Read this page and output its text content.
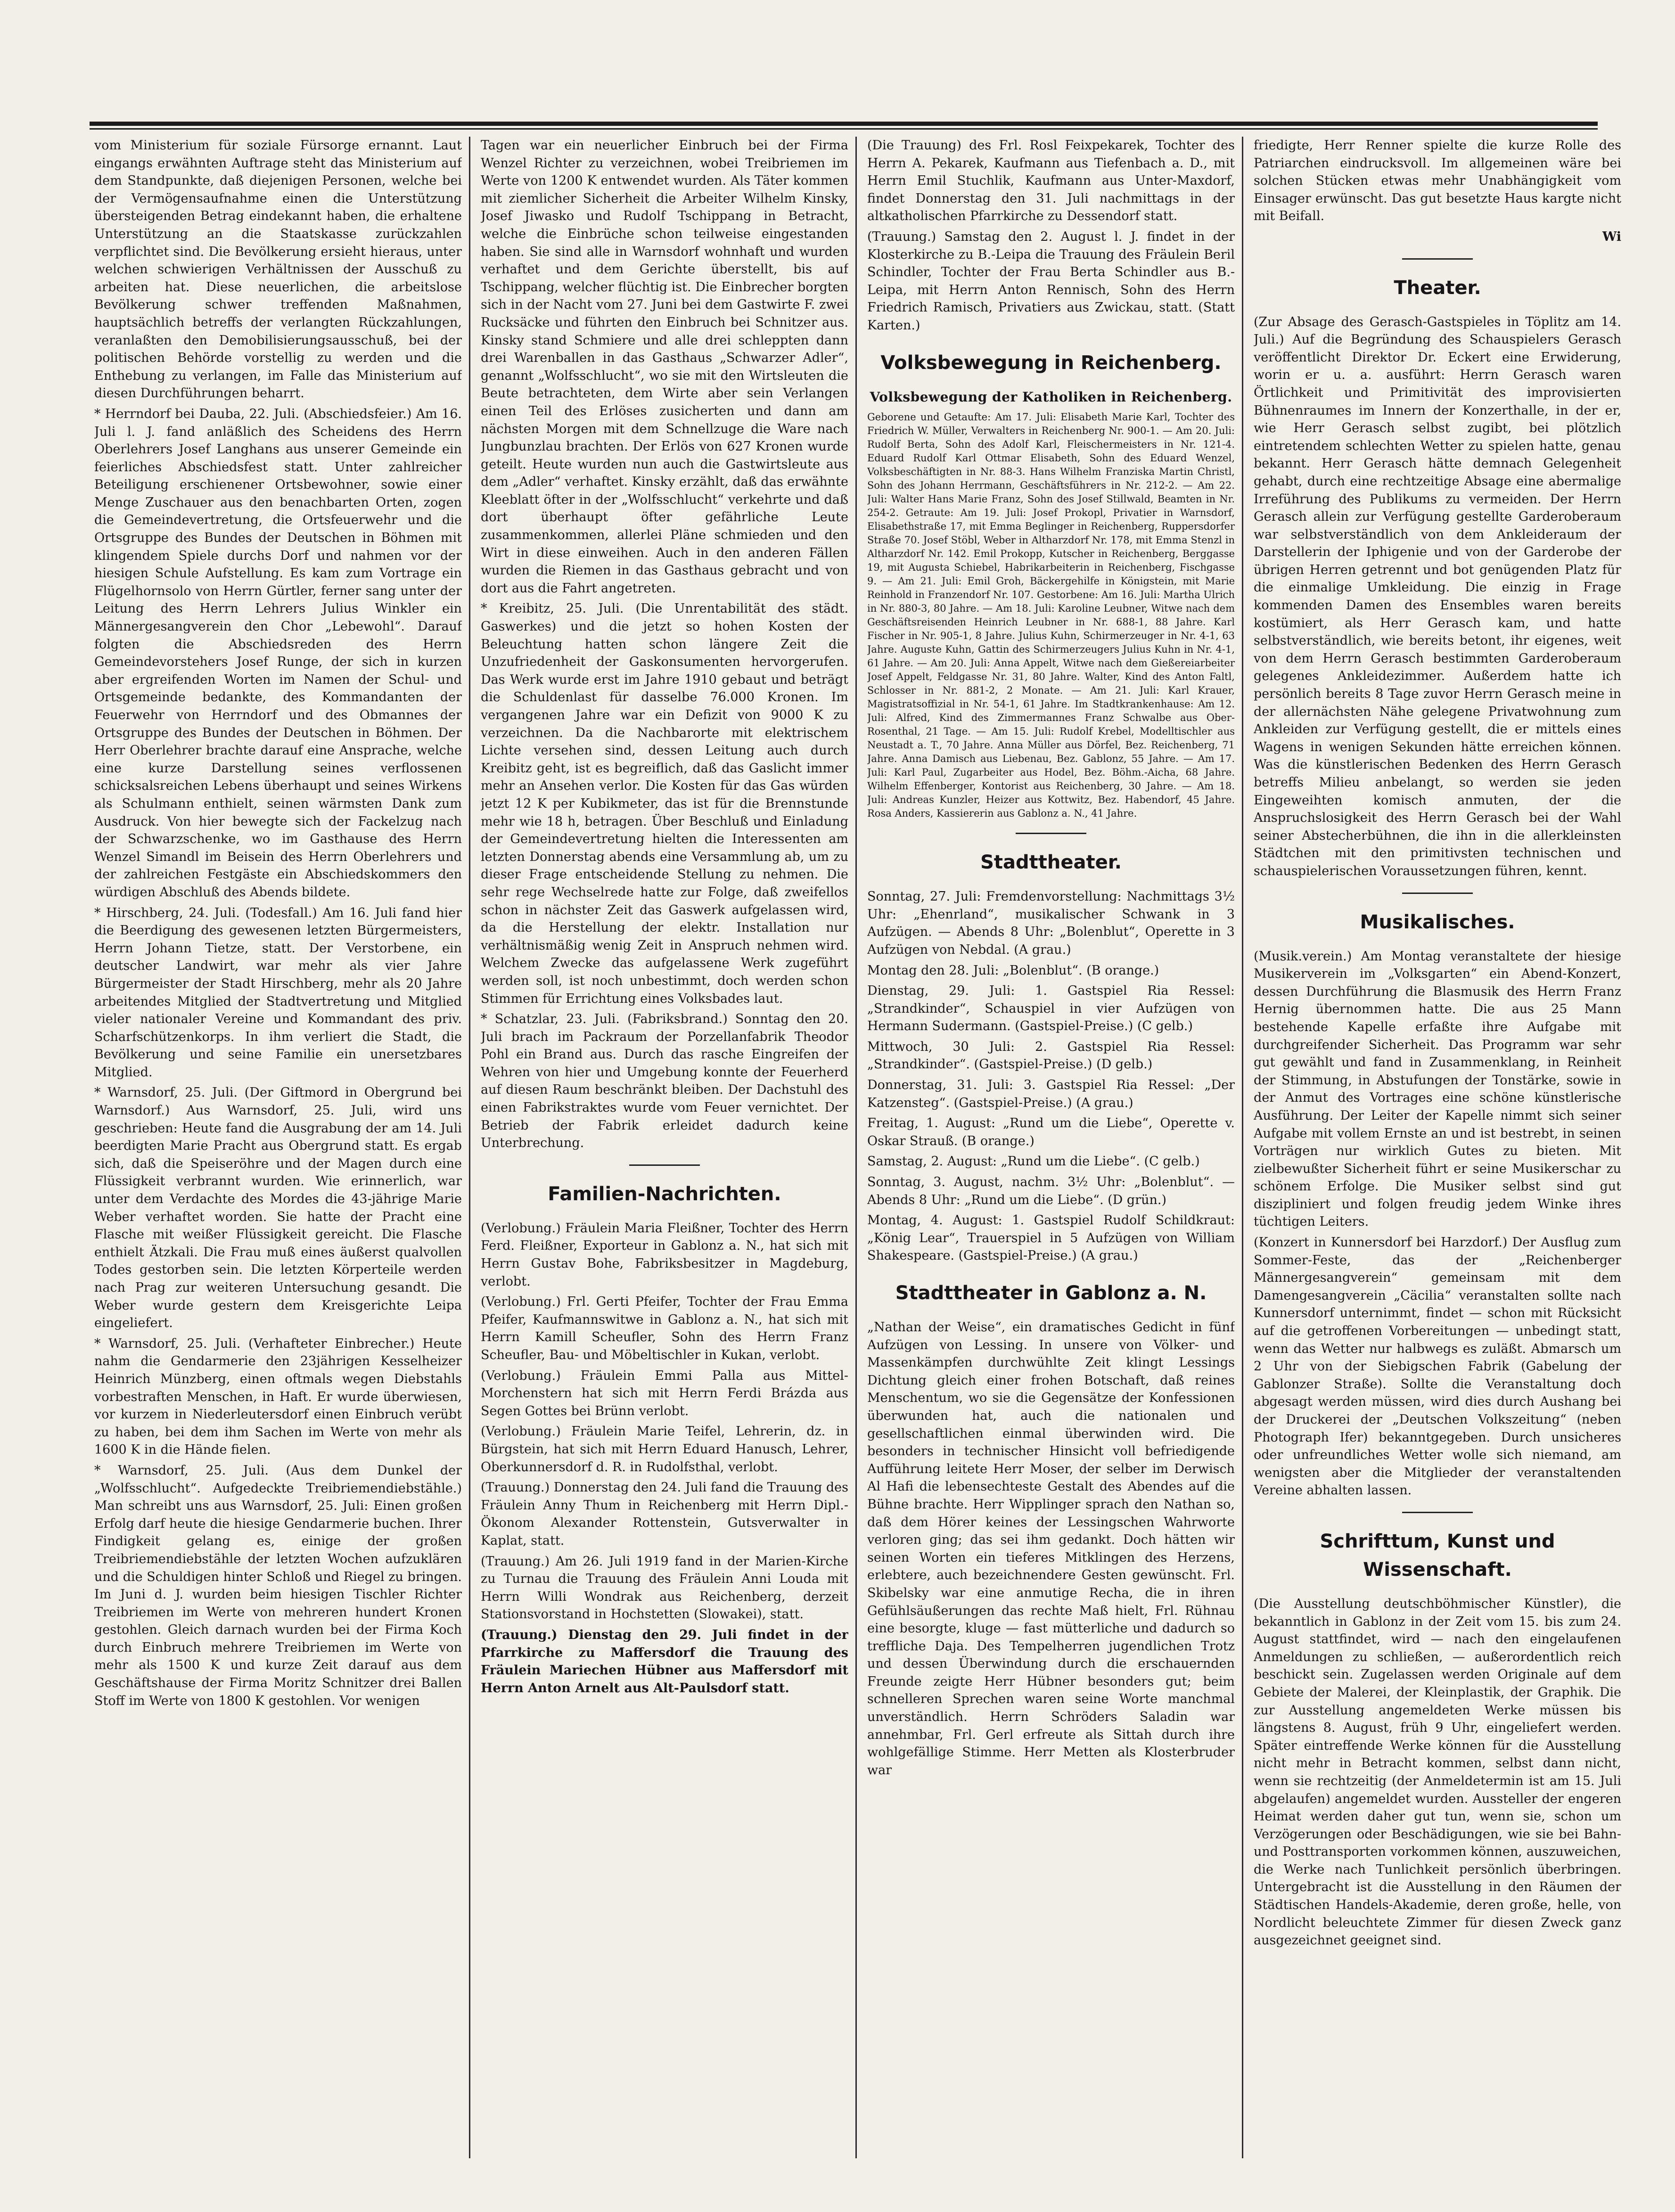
vom Ministerium für soziale Fürsorge ernannt. Laut eingangs erwähnten Auftrage steht das Ministerium auf dem Standpunkte, daß diejenigen Personen, welche bei der Vermögensaufnahme einen die Unterstützung übersteigenden Betrag eindekannt haben, die erhaltene Unterstützung an die Staatskasse zurückzahlen verpflichtet sind. Die Bevölkerung ersieht hieraus, unter welchen schwierigen Verhältnissen der Ausschuß zu arbeiten hat. Diese neuerlichen, die arbeitslose Bevölkerung schwer treffenden Maßnahmen, hauptsächlich betreffs der verlangten Rückzahlungen, veranlaßten den Demobilisierungsausschuß, bei der politischen Behörde vorstellig zu werden und die Enthebung zu verlangen, im Falle das Ministerium auf diesen Durchführungen beharrt.

* Herrndorf bei Dauba, 22. Juli. (Abschiedsfeier.) Am 16. Juli l. J. fand anläßlich des Scheidens des Herrn Oberlehrers Josef Langhans aus unserer Gemeinde ein feierliches Abschiedsfest statt. Unter zahlreicher Beteiligung erschienener Ortsbewohner, sowie einer Menge Zuschauer aus den benachbarten Orten, zogen die Gemeindevertretung, die Ortsfeuerwehr und die Ortsgruppe des Bundes der Deutschen in Böhmen mit klingendem Spiele durchs Dorf und nahmen vor der hiesigen Schule Aufstellung. Es kam zum Vortrage ein Flügelhornsolo von Herrn Gürtler, ferner sang unter der Leitung des Herrn Lehrers Julius Winkler ein Männergesangverein den Chor „Lebewohl“. Darauf folgten die Abschiedsreden des Herrn Gemeindevorstehers Josef Runge, der sich in kurzen aber ergreifenden Worten im Namen der Schul- und Ortsgemeinde bedankte, des Kommandanten der Feuerwehr von Herrndorf und des Obmannes der Ortsgruppe des Bundes der Deutschen in Böhmen. Der Herr Oberlehrer brachte darauf eine Ansprache, welche eine kurze Darstellung seines verflossenen schicksalsreichen Lebens überhaupt und seines Wirkens als Schulmann enthielt, seinen wärmsten Dank zum Ausdruck. Von hier bewegte sich der Fackelzug nach der Schwarzschenke, wo im Gasthause des Herrn Wenzel Simandl im Beisein des Herrn Oberlehrers und der zahlreichen Festgäste ein Abschiedskommers den würdigen Abschluß des Abends bildete.

* Hirschberg, 24. Juli. (Todesfall.) Am 16. Juli fand hier die Beerdigung des gewesenen letzten Bürgermeisters, Herrn Johann Tietze, statt. Der Verstorbene, ein deutscher Landwirt, war mehr als vier Jahre Bürgermeister der Stadt Hirschberg, mehr als 20 Jahre arbeitendes Mitglied der Stadtvertretung und Mitglied vieler nationaler Vereine und Kommandant des priv. Scharfschützenkorps. In ihm verliert die Stadt, die Bevölkerung und seine Familie ein unersetzbares Mitglied.

* Warnsdorf, 25. Juli. (Der Giftmord in Obergrund bei Warnsdorf.) Aus Warnsdorf, 25. Juli, wird uns geschrieben: Heute fand die Ausgrabung der am 14. Juli beerdigten Marie Pracht aus Obergrund statt. Es ergab sich, daß die Speiseröhre und der Magen durch eine Flüssigkeit verbrannt wurden. Wie erinnerlich, war unter dem Verdachte des Mordes die 43-jährige Marie Weber verhaftet worden. Sie hatte der Pracht eine Flasche mit weißer Flüssigkeit gereicht. Die Flasche enthielt Ätzkali. Die Frau muß eines äußerst qualvollen Todes gestorben sein. Die letzten Körperteile werden nach Prag zur weiteren Untersuchung gesandt. Die Weber wurde gestern dem Kreisgerichte Leipa eingeliefert.

* Warnsdorf, 25. Juli. (Verhafteter Einbrecher.) Heute nahm die Gendarmerie den 23jährigen Kesselheizer Heinrich Münzberg, einen oftmals wegen Diebstahls vorbestraften Menschen, in Haft. Er wurde überwiesen, vor kurzem in Niederleutersdorf einen Einbruch verübt zu haben, bei dem ihm Sachen im Werte von mehr als 1600 K in die Hände fielen.

* Warnsdorf, 25. Juli. (Aus dem Dunkel der „Wolfsschlucht“. Aufgedeckte Treibriemendiebstähle.) Man schreibt uns aus Warnsdorf, 25. Juli: Einen großen Erfolg darf heute die hiesige Gendarmerie buchen. Ihrer Findigkeit gelang es, einige der großen Treibriemendiebstähle der letzten Wochen aufzuklären und die Schuldigen hinter Schloß und Riegel zu bringen. Im Juni d. J. wurden beim hiesigen Tischler Richter Treibriemen im Werte von mehreren hundert Kronen gestohlen. Gleich darnach wurden bei der Firma Koch durch Einbruch mehrere Treibriemen im Werte von mehr als 1500 K und kurze Zeit darauf aus dem Geschäftshause der Firma Moritz Schnitzer drei Ballen Stoff im Werte von 1800 K gestohlen. Vor wenigen

Tagen war ein neuerlicher Einbruch bei der Firma Wenzel Richter zu verzeichnen, wobei Treibriemen im Werte von 1200 K entwendet wurden. Als Täter kommen mit ziemlicher Sicherheit die Arbeiter Wilhelm Kinsky, Josef Jiwasko und Rudolf Tschippang in Betracht, welche die Einbrüche schon teilweise eingestanden haben. Sie sind alle in Warnsdorf wohnhaft und wurden verhaftet und dem Gerichte überstellt, bis auf Tschippang, welcher flüchtig ist. Die Einbrecher borgten sich in der Nacht vom 27. Juni bei dem Gastwirte F. zwei Rucksäcke und führten den Einbruch bei Schnitzer aus. Kinsky stand Schmiere und alle drei schleppten dann drei Warenballen in das Gasthaus „Schwarzer Adler“, genannt „Wolfsschlucht“, wo sie mit den Wirtsleuten die Beute betrachteten, dem Wirte aber sein Verlangen einen Teil des Erlöses zusicherten und dann am nächsten Morgen mit dem Schnellzuge die Ware nach Jungbunzlau brachten. Der Erlös von 627 Kronen wurde geteilt. Heute wurden nun auch die Gastwirtsleute aus dem „Adler“ verhaftet. Kinsky erzählt, daß das erwähnte Kleeblatt öfter in der „Wolfsschlucht“ verkehrte und daß dort überhaupt öfter gefährliche Leute zusammenkommen, allerlei Pläne schmieden und den Wirt in diese einweihen. Auch in den anderen Fällen wurden die Riemen in das Gasthaus gebracht und von dort aus die Fahrt angetreten.

* Kreibitz, 25. Juli. (Die Unrentabilität des städt. Gaswerkes) und die jetzt so hohen Kosten der Beleuchtung hatten schon längere Zeit die Unzufriedenheit der Gaskonsumenten hervorgerufen. Das Werk wurde erst im Jahre 1910 gebaut und beträgt die Schuldenlast für dasselbe 76.000 Kronen. Im vergangenen Jahre war ein Defizit von 9000 K zu verzeichnen. Da die Nachbarorte mit elektrischem Lichte versehen sind, dessen Leitung auch durch Kreibitz geht, ist es begreiflich, daß das Gaslicht immer mehr an Ansehen verlor. Die Kosten für das Gas würden jetzt 12 K per Kubikmeter, das ist für die Brennstunde mehr wie 18 h, betragen. Über Beschluß und Einladung der Gemeindevertretung hielten die Interessenten am letzten Donnerstag abends eine Versammlung ab, um zu dieser Frage entscheidende Stellung zu nehmen. Die sehr rege Wechselrede hatte zur Folge, daß zweifellos schon in nächster Zeit das Gaswerk aufgelassen wird, da die Herstellung der elektr. Installation nur verhältnismäßig wenig Zeit in Anspruch nehmen wird. Welchem Zwecke das aufgelassene Werk zugeführt werden soll, ist noch unbestimmt, doch werden schon Stimmen für Errichtung eines Volksbades laut.

* Schatzlar, 23. Juli. (Fabriksbrand.) Sonntag den 20. Juli brach im Packraum der Porzellanfabrik Theodor Pohl ein Brand aus. Durch das rasche Eingreifen der Wehren von hier und Umgebung konnte der Feuerherd auf diesen Raum beschränkt bleiben. Der Dachstuhl des einen Fabrikstraktes wurde vom Feuer vernichtet. Der Betrieb der Fabrik erleidet dadurch keine Unterbrechung.

Familien-Nachrichten.

(Verlobung.) Fräulein Maria Fleißner, Tochter des Herrn Ferd. Fleißner, Exporteur in Gablonz a. N., hat sich mit Herrn Gustav Bohe, Fabriksbesitzer in Magdeburg, verlobt.

(Verlobung.) Frl. Gerti Pfeifer, Tochter der Frau Emma Pfeifer, Kaufmannswitwe in Gablonz a. N., hat sich mit Herrn Kamill Scheufler, Sohn des Herrn Franz Scheufler, Bau- und Möbeltischler in Kukan, verlobt.

(Verlobung.) Fräulein Emmi Palla aus Mittel-Morchenstern hat sich mit Herrn Ferdi Brázda aus Segen Gottes bei Brünn verlobt.

(Verlobung.) Fräulein Marie Teifel, Lehrerin, dz. in Bürgstein, hat sich mit Herrn Eduard Hanusch, Lehrer, Oberkunnersdorf d. R. in Rudolfsthal, verlobt.

(Trauung.) Donnerstag den 24. Juli fand die Trauung des Fräulein Anny Thum in Reichenberg mit Herrn Dipl.-Ökonom Alexander Rottenstein, Gutsverwalter in Kaplat, statt.

(Trauung.) Am 26. Juli 1919 fand in der Marien-Kirche zu Turnau die Trauung des Fräulein Anni Louda mit Herrn Willi Wondrak aus Reichenberg, derzeit Stationsvorstand in Hochstetten (Slowakei), statt.

(Trauung.) Dienstag den 29. Juli findet in der Pfarrkirche zu Maffersdorf die Trauung des Fräulein Mariechen Hübner aus Maffersdorf mit Herrn Anton Arnelt aus Alt-Paulsdorf statt.

(Die Trauung) des Frl. Rosl Feixpekarek, Tochter des Herrn A. Pekarek, Kaufmann aus Tiefenbach a. D., mit Herrn Emil Stuchlik, Kaufmann aus Unter-Maxdorf, findet Donnerstag den 31. Juli nachmittags in der altkatholischen Pfarrkirche zu Dessendorf statt.

(Trauung.) Samstag den 2. August l. J. findet in der Klosterkirche zu B.-Leipa die Trauung des Fräulein Beril Schindler, Tochter der Frau Berta Schindler aus B.-Leipa, mit Herrn Anton Rennisch, Sohn des Herrn Friedrich Ramisch, Privatiers aus Zwickau, statt. (Statt Karten.)

Volksbewegung in Reichenberg.
Volksbewegung der Katholiken in Reichenberg.

Geborene und Getaufte: Am 17. Juli: Elisabeth Marie Karl, Tochter des Friedrich W. Müller, Verwalters in Reichenberg Nr. 900-1. — Am 20. Juli: Rudolf Berta, Sohn des Adolf Karl, Fleischermeisters in Nr. 121-4. Eduard Rudolf Karl Ottmar Elisabeth, Sohn des Eduard Wenzel, Volksbeschäftigten in Nr. 88-3. Hans Wilhelm Franziska Martin Christl, Sohn des Johann Herrmann, Geschäftsführers in Nr. 212-2. — Am 22. Juli: Walter Hans Marie Franz, Sohn des Josef Stillwald, Beamten in Nr. 254-2. Getraute: Am 19. Juli: Josef Prokopl, Privatier in Warnsdorf, Elisabethstraße 17, mit Emma Beglinger in Reichenberg, Ruppersdorfer Straße 70. Josef Stöbl, Weber in Altharzdorf Nr. 178, mit Emma Stenzl in Altharzdorf Nr. 142. Emil Prokopp, Kutscher in Reichenberg, Berggasse 19, mit Augusta Schiebel, Habrikarbeiterin in Reichenberg, Fischgasse 9. — Am 21. Juli: Emil Groh, Bäckergehilfe in Königstein, mit Marie Reinhold in Franzendorf Nr. 107. Gestorbene: Am 16. Juli: Martha Ulrich in Nr. 880-3, 80 Jahre. — Am 18. Juli: Karoline Leubner, Witwe nach dem Geschäftsreisenden Heinrich Leubner in Nr. 688-1, 88 Jahre. Karl Fischer in Nr. 905-1, 8 Jahre. Julius Kuhn, Schirmerzeuger in Nr. 4-1, 63 Jahre. Auguste Kuhn, Gattin des Schirmerzeugers Julius Kuhn in Nr. 4-1, 61 Jahre. — Am 20. Juli: Anna Appelt, Witwe nach dem Gießereiarbeiter Josef Appelt, Feldgasse Nr. 31, 80 Jahre. Walter, Kind des Anton Faltl, Schlosser in Nr. 881-2, 2 Monate. — Am 21. Juli: Karl Krauer, Magistratsoffizial in Nr. 54-1, 61 Jahre. Im Stadtkrankenhause: Am 12. Juli: Alfred, Kind des Zimmermannes Franz Schwalbe aus Ober-Rosenthal, 21 Tage. — Am 15. Juli: Rudolf Krebel, Modelltischler aus Neustadt a. T., 70 Jahre. Anna Müller aus Dörfel, Bez. Reichenberg, 71 Jahre. Anna Damisch aus Liebenau, Bez. Gablonz, 55 Jahre. — Am 17. Juli: Karl Paul, Zugarbeiter aus Hodel, Bez. Böhm.-Aicha, 68 Jahre. Wilhelm Effenberger, Kontorist aus Reichenberg, 30 Jahre. — Am 18. Juli: Andreas Kunzler, Heizer aus Kottwitz, Bez. Habendorf, 45 Jahre. Rosa Anders, Kassiererin aus Gablonz a. N., 41 Jahre.

Stadttheater.

Sonntag, 27. Juli: Fremdenvorstellung: Nachmittags 3½ Uhr: „Ehenrland“, musikalischer Schwank in 3 Aufzügen. — Abends 8 Uhr: „Bolenblut“, Operette in 3 Aufzügen von Nebdal. (A grau.)

Montag den 28. Juli: „Bolenblut“. (B orange.)

Dienstag, 29. Juli: 1. Gastspiel Ria Ressel: „Strandkinder“, Schauspiel in vier Aufzügen von Hermann Sudermann. (Gastspiel-Preise.) (C gelb.)

Mittwoch, 30 Juli: 2. Gastspiel Ria Ressel: „Strandkinder“. (Gastspiel-Preise.) (D gelb.)

Donnerstag, 31. Juli: 3. Gastspiel Ria Ressel: „Der Katzensteg“. (Gastspiel-Preise.) (A grau.)

Freitag, 1. August: „Rund um die Liebe“, Operette v. Oskar Strauß. (B orange.)

Samstag, 2. August: „Rund um die Liebe“. (C gelb.)

Sonntag, 3. August, nachm. 3½ Uhr: „Bolenblut“. — Abends 8 Uhr: „Rund um die Liebe“. (D grün.)

Montag, 4. August: 1. Gastspiel Rudolf Schildkraut: „König Lear“, Trauerspiel in 5 Aufzügen von William Shakespeare. (Gastspiel-Preise.) (A grau.)

Stadttheater in Gablonz a. N.

„Nathan der Weise“, ein dramatisches Gedicht in fünf Aufzügen von Lessing. In unsere von Völker- und Massenkämpfen durchwühlte Zeit klingt Lessings Dichtung gleich einer frohen Botschaft, daß reines Menschentum, wo sie die Gegensätze der Konfessionen überwunden hat, auch die nationalen und gesellschaftlichen einmal überwinden wird. Die besonders in technischer Hinsicht voll befriedigende Aufführung leitete Herr Moser, der selber im Derwisch Al Hafi die lebensechteste Gestalt des Abendes auf die Bühne brachte. Herr Wipplinger sprach den Nathan so, daß dem Hörer keines der Lessingschen Wahrworte verloren ging; das sei ihm gedankt. Doch hätten wir seinen Worten ein tieferes Mitklingen des Herzens, erlebtere, auch bezeichnendere Gesten gewünscht. Frl. Skibelsky war eine anmutige Recha, die in ihren Gefühlsäußerungen das rechte Maß hielt, Frl. Rühnau eine besorgte, kluge — fast mütterliche und dadurch so treffliche Daja. Des Tempelherren jugendlichen Trotz und dessen Überwindung durch die erschauernden Freunde zeigte Herr Hübner besonders gut; beim schnelleren Sprechen waren seine Worte manchmal unverständlich. Herrn Schröders Saladin war annehmbar, Frl. Gerl erfreute als Sittah durch ihre wohlgefällige Stimme. Herr Metten als Klosterbruder war

friedigte, Herr Renner spielte die kurze Rolle des Patriarchen eindrucksvoll. Im allgemeinen wäre bei solchen Stücken etwas mehr Unabhängigkeit vom Einsager erwünscht. Das gut besetzte Haus kargte nicht mit Beifall.

Wi
Theater.

(Zur Absage des Gerasch-Gastspieles in Töplitz am 14. Juli.) Auf die Begründung des Schauspielers Gerasch veröffentlicht Direktor Dr. Eckert eine Erwiderung, worin er u. a. ausführt: Herrn Gerasch waren Örtlichkeit und Primitivität des improvisierten Bühnenraumes im Innern der Konzerthalle, in der er, wie Herr Gerasch selbst zugibt, bei plötzlich eintretendem schlechten Wetter zu spielen hatte, genau bekannt. Herr Gerasch hätte demnach Gelegenheit gehabt, durch eine rechtzeitige Absage eine abermalige Irreführung des Publikums zu vermeiden. Der Herrn Gerasch allein zur Verfügung gestellte Garderoberaum war selbstverständlich von dem Ankleideraum der Darstellerin der Iphigenie und von der Garderobe der übrigen Herren getrennt und bot genügenden Platz für die einmalige Umkleidung. Die einzig in Frage kommenden Damen des Ensembles waren bereits kostümiert, als Herr Gerasch kam, und hatte selbstverständlich, wie bereits betont, ihr eigenes, weit von dem Herrn Gerasch bestimmten Garderoberaum gelegenes Ankleidezimmer. Außerdem hatte ich persönlich bereits 8 Tage zuvor Herrn Gerasch meine in der allernächsten Nähe gelegene Privatwohnung zum Ankleiden zur Verfügung gestellt, die er mittels eines Wagens in wenigen Sekunden hätte erreichen können. Was die künstlerischen Bedenken des Herrn Gerasch betreffs Milieu anbelangt, so werden sie jeden Eingeweihten komisch anmuten, der die Anspruchslosigkeit des Herrn Gerasch bei der Wahl seiner Abstecherbühnen, die ihn in die allerkleinsten Städtchen mit den primitivsten technischen und schauspielerischen Voraussetzungen führen, kennt.

Musikalisches.

(Musik.verein.) Am Montag veranstaltete der hiesige Musikerverein im „Volksgarten“ ein Abend-Konzert, dessen Durchführung die Blasmusik des Herrn Franz Hernig übernommen hatte. Die aus 25 Mann bestehende Kapelle erfaßte ihre Aufgabe mit durchgreifender Sicherheit. Das Programm war sehr gut gewählt und fand in Zusammenklang, in Reinheit der Stimmung, in Abstufungen der Tonstärke, sowie in der Anmut des Vortrages eine schöne künstlerische Ausführung. Der Leiter der Kapelle nimmt sich seiner Aufgabe mit vollem Ernste an und ist bestrebt, in seinen Vorträgen nur wirklich Gutes zu bieten. Mit zielbewußter Sicherheit führt er seine Musikerschar zu schönem Erfolge. Die Musiker selbst sind gut diszipliniert und folgen freudig jedem Winke ihres tüchtigen Leiters.

(Konzert in Kunnersdorf bei Harzdorf.) Der Ausflug zum Sommer-Feste, das der „Reichenberger Männergesangverein“ gemeinsam mit dem Damengesangverein „Cäcilia“ veranstalten sollte nach Kunnersdorf unternimmt, findet — schon mit Rücksicht auf die getroffenen Vorbereitungen — unbedingt statt, wenn das Wetter nur halbwegs es zuläßt. Abmarsch um 2 Uhr von der Siebigschen Fabrik (Gabelung der Gablonzer Straße). Sollte die Veranstaltung doch abgesagt werden müssen, wird dies durch Aushang bei der Druckerei der „Deutschen Volkszeitung“ (neben Photograph Ifer) bekanntgegeben. Durch unsicheres oder unfreundliches Wetter wolle sich niemand, am wenigsten aber die Mitglieder der veranstaltenden Vereine abhalten lassen.

Schrifttum, Kunst und Wissenschaft.

(Die Ausstellung deutschböhmischer Künstler), die bekanntlich in Gablonz in der Zeit vom 15. bis zum 24. August stattfindet, wird — nach den eingelaufenen Anmeldungen zu schließen, — außerordentlich reich beschickt sein. Zugelassen werden Originale auf dem Gebiete der Malerei, der Kleinplastik, der Graphik. Die zur Ausstellung angemeldeten Werke müssen bis längstens 8. August, früh 9 Uhr, eingeliefert werden. Später eintreffende Werke können für die Ausstellung nicht mehr in Betracht kommen, selbst dann nicht, wenn sie rechtzeitig (der Anmeldetermin ist am 15. Juli abgelaufen) angemeldet wurden. Aussteller der engeren Heimat werden daher gut tun, wenn sie, schon um Verzögerungen oder Beschädigungen, wie sie bei Bahn- und Posttransporten vorkommen können, auszuweichen, die Werke nach Tunlichkeit persönlich überbringen. Untergebracht ist die Ausstellung in den Räumen der Städtischen Handels-Akademie, deren große, helle, von Nordlicht beleuchtete Zimmer für diesen Zweck ganz ausgezeichnet geeignet sind.
